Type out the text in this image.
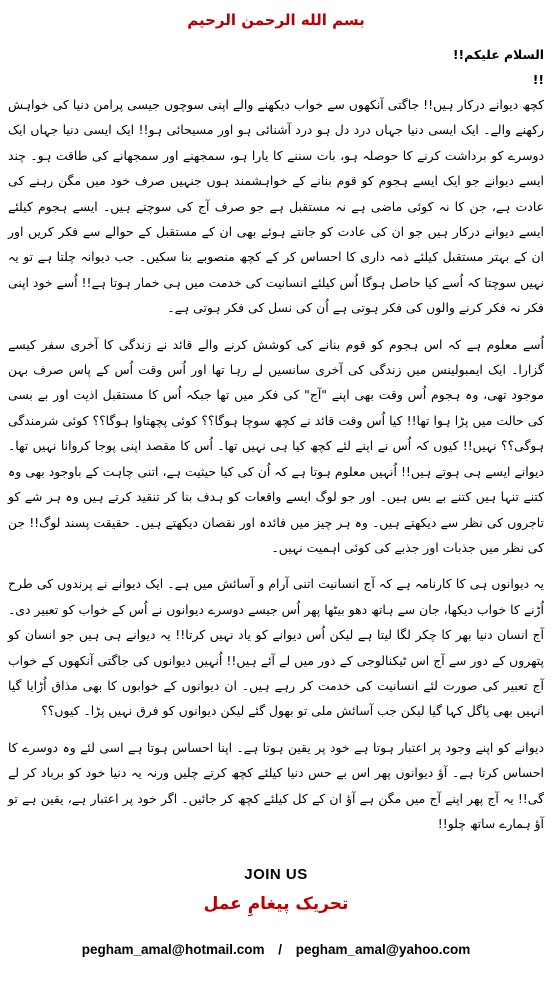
بسم الله الرحمن الرحیم
السلام علیکم!!
!!

کچھ دیوانے درکار ہیں!! جاگتی آنکھوں سے خواب دیکھنے والے اپنی سوچوں جیسی پرامن دنیا کی خواہش رکھنے والے۔ ایک ایسی دنیا جہاں درد دل ہو درد آشنائی ہو اور مسیحائی ہو!! ایک ایسی دنیا جہاں ایک دوسرے کو برداشت کرنے کا حوصلہ ہو، بات سننے کا یارا ہو، سمجھنے اور سمجھانے کی طاقت ہو۔ چند ایسے دیوانے جو ایک ایسے ہجوم کو قوم بنانے کے خواہشمند ہوں جنہیں صرف خود میں مگن رہنے کی عادت ہے، جن کا نہ کوئی ماضی ہے نہ مستقبل ہے جو صرف آج کی سوچتے ہیں۔ ایسے ہجوم کیلئے ایسے دیوانے درکار ہیں جو ان کی عادت کو جانتے ہوئے بھی ان کے مستقبل کے حوالے سے فکر کریں اور ان کے بہتر مستقبل کیلئے ذمہ داری کا احساس کر کے کچھ منصوبے بنا سکیں۔ جب دیوانہ چلتا ہے تو یہ نہیں سوچتا کہ اُسے کیا حاصل ہوگا اُس کیلئے انسانیت کی خدمت میں ہی خمار ہوتا ہے!! اُسے خود اپنی فکر نہ فکر کرنے والوں کی فکر ہوتی ہے اُن کی نسل کی فکر ہوتی ہے۔

اُسے معلوم ہے کہ اس ہجوم کو قوم بنانے کی کوشش کرنے والے قائد نے زندگی کا آخری سفر کیسے گزارا۔ ایک ایمبولینس میں زندگی کی آخری سانسیں لے رہا تھا اور اُس وقت اُس کے پاس صرف بہن موجود تھی، وہ ہجوم اُس وقت بھی اپنے "آج" کی فکر میں تھا جبکہ اُس کا مستقبل اذیت اور بے بسی کی حالت میں پڑا ہوا تھا!! کیا اُس وقت قائد نے کچھ سوچا ہوگا؟؟ کوئی پچھتاوا ہوگا؟؟ کوئی شرمندگی ہوگی؟؟ نہیں!! کیوں کہ اُس نے اپنے لئے کچھ کیا ہی نہیں تھا۔ اُس کا مقصد اپنی پوجا کروانا نہیں تھا۔ دیوانے ایسے ہی ہوتے ہیں!! اُنہیں معلوم ہوتا ہے کہ اُن کی کیا حیثیت ہے، اتنی چاہت کے باوجود بھی وہ کتنے تنہا ہیں کتنے بے بس ہیں۔ اور جو لوگ ایسے واقعات کو ہدف بنا کر تنقید کرتے ہیں وہ ہر شے کو تاجروں کی نظر سے دیکھتے ہیں۔ وہ ہر چیز میں فائدہ اور نقصان دیکھتے ہیں۔ حقیقت پسند لوگ!! جن کی نظر میں جذبات اور جذبے کی کوئی اہمیت نہیں۔

یہ دیوانوں ہی کا کارنامہ ہے کہ آج انسانیت اتنی آرام و آسائش میں ہے۔ ایک دیوانے نے پرندوں کی طرح اُڑنے کا خواب دیکھا، جان سے ہاتھ دھو بیٹھا پھر اُس جیسے دوسرے دیوانوں نے اُس کے خواب کو تعبیر دی۔ آج انسان دنیا بھر کا چکر لگا لیتا ہے لیکن اُس دیوانے کو یاد نہیں کرتا!! یہ دیوانے ہی ہیں جو انسان کو پتھروں کے دور سے آج اس ٹیکنالوجی کے دور میں لے آئے ہیں!! اُنہیں دیوانوں کی جاگتی آنکھوں کے خواب آج تعبیر کی صورت لئے انسانیت کی خدمت کر رہے ہیں۔ ان دیوانوں کے خوابوں کا بھی مذاق اُڑایا گیا انہیں بھی پاگل کہا گیا لیکن جب آسائش ملی تو بھول گئے لیکن دیوانوں کو فرق نہیں پڑا۔ کیوں؟؟

دیوانے کو اپنے وجود پر اعتبار ہوتا ہے خود پر یقین ہوتا ہے۔ اپنا احساس ہوتا ہے اسی لئے وہ دوسرے کا احساس کرتا ہے۔ آؤ دیوانوں پھر اس بے حس دنیا کیلئے کچھ کرتے چلیں ورنہ یہ دنیا خود کو برباد کر لے گی!! یہ آج پھر اپنے آج میں مگن ہے آؤ ان کے کل کیلئے کچھ کر جائیں۔ اگر خود پر اعتبار ہے، یقین ہے تو آؤ ہمارے ساتھ چلو!!

JOIN US
تحریک پیغامِ عمل
pegham_amal@hotmail.com / pegham_amal@yahoo.com
